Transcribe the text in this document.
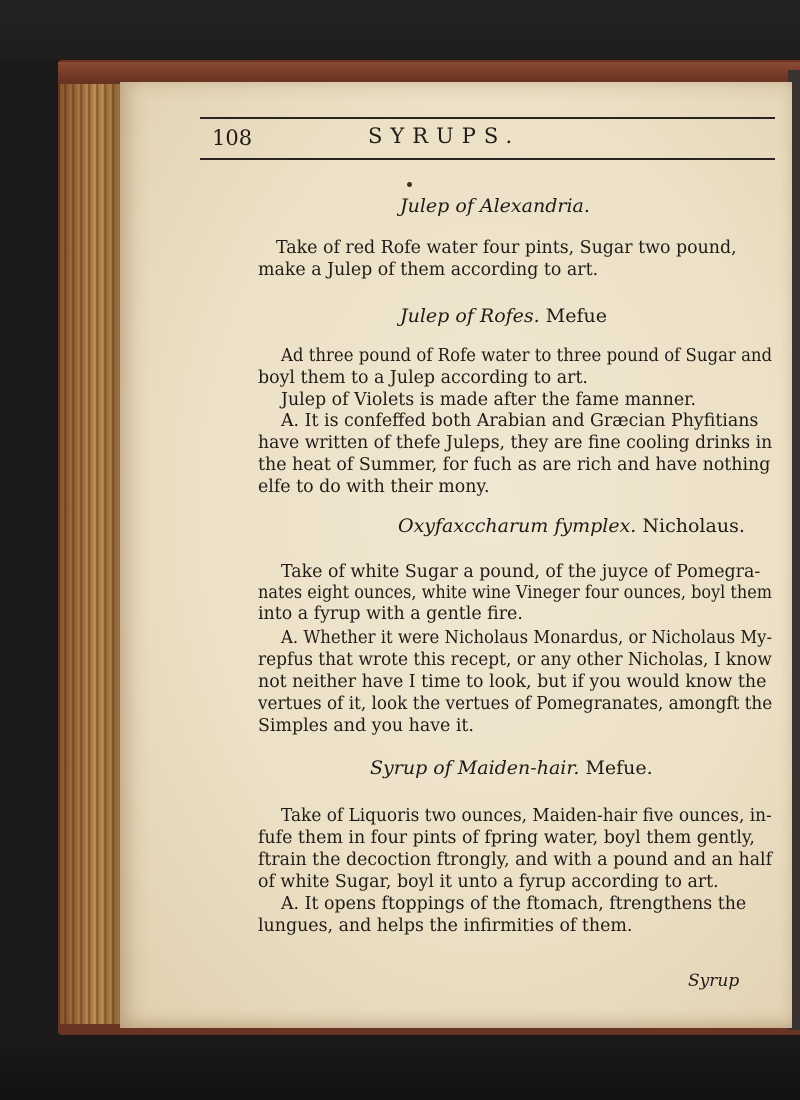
108	SYRUPS.
Julep of Alexandria.
Take of red Rofe water four pints, Sugar two pound,
make a Julep of them according to art.
Julep of Rofes. Mefue
Ad three pound of Rofe water to three pound of Sugar and
boyl them to a Julep according to art.
Julep of Violets is made after the fame manner.
A. It is confeffed both Arabian and Græcian Phyfitians
have written of thefe Juleps, they are fine cooling drinks in
the heat of Summer, for fuch as are rich and have nothing
elfe to do with their mony.
Oxyfaxccharum fymplex. Nicholaus.
Take of white Sugar a pound, of the juyce of Pomegra-
nates eight ounces, white wine Vineger four ounces, boyl them
into a fyrup with a gentle fire.
A. Whether it were Nicholaus Monardus, or Nicholaus My-
repfus that wrote this recept, or any other Nicholas, I know
not neither have I time to look, but if you would know the
vertues of it, look the vertues of Pomegranates, amongft the
Simples and you have it.
Syrup of Maiden-hair. Mefue.
Take of Liquoris two ounces, Maiden-hair five ounces, in-
fufe them in four pints of fpring water, boyl them gently,
ftrain the decoction ftrongly, and with a pound and an half
of white Sugar, boyl it unto a fyrup according to art.
A. It opens ftoppings of the ftomach, ftrengthens the
lungues, and helps the infirmities of them.
Syrup
